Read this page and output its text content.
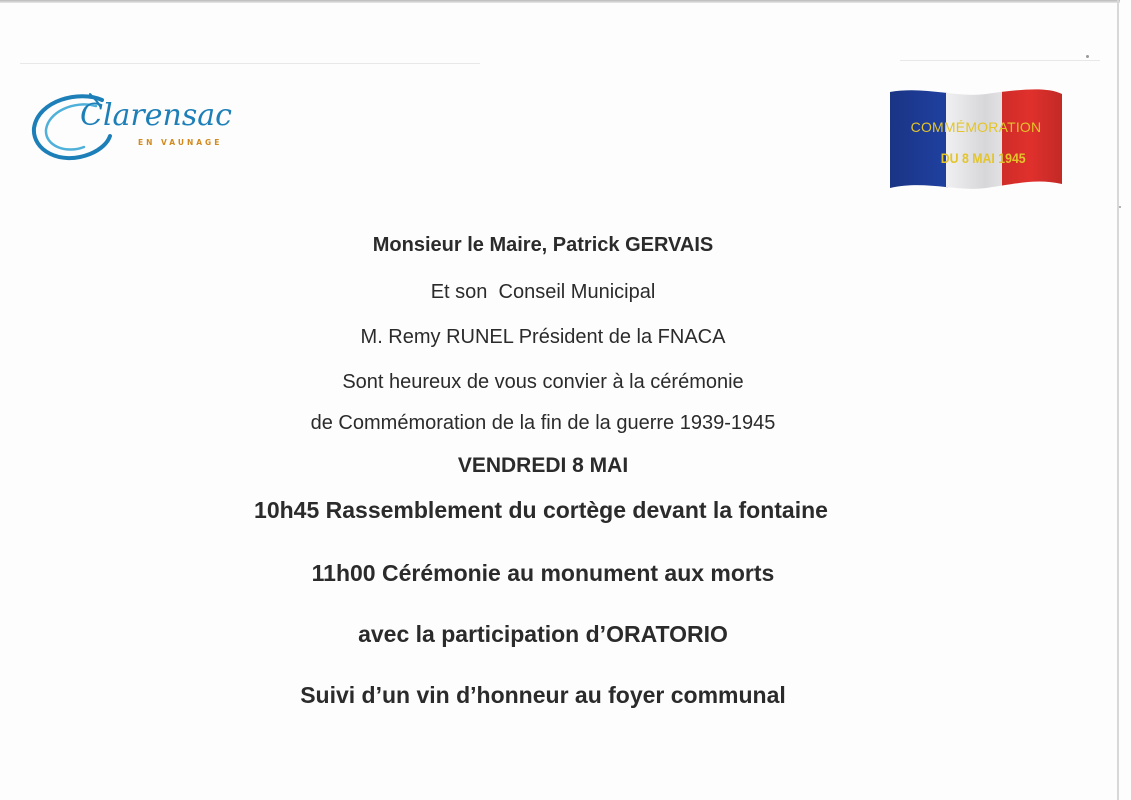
Clarensac
EN VAUNAGE
COMMÉMORATION
DU 8 MAI 1945
Monsieur le Maire, Patrick GERVAIS
Et son  Conseil Municipal
M. Remy RUNEL Président de la FNACA
Sont heureux de vous convier à la cérémonie
de Commémoration de la fin de la guerre 1939-1945
VENDREDI 8 MAI
10h45 Rassemblement du cortège devant la fontaine
11h00 Cérémonie au monument aux morts
avec la participation d’ORATORIO
Suivi d’un vin d’honneur au foyer communal
